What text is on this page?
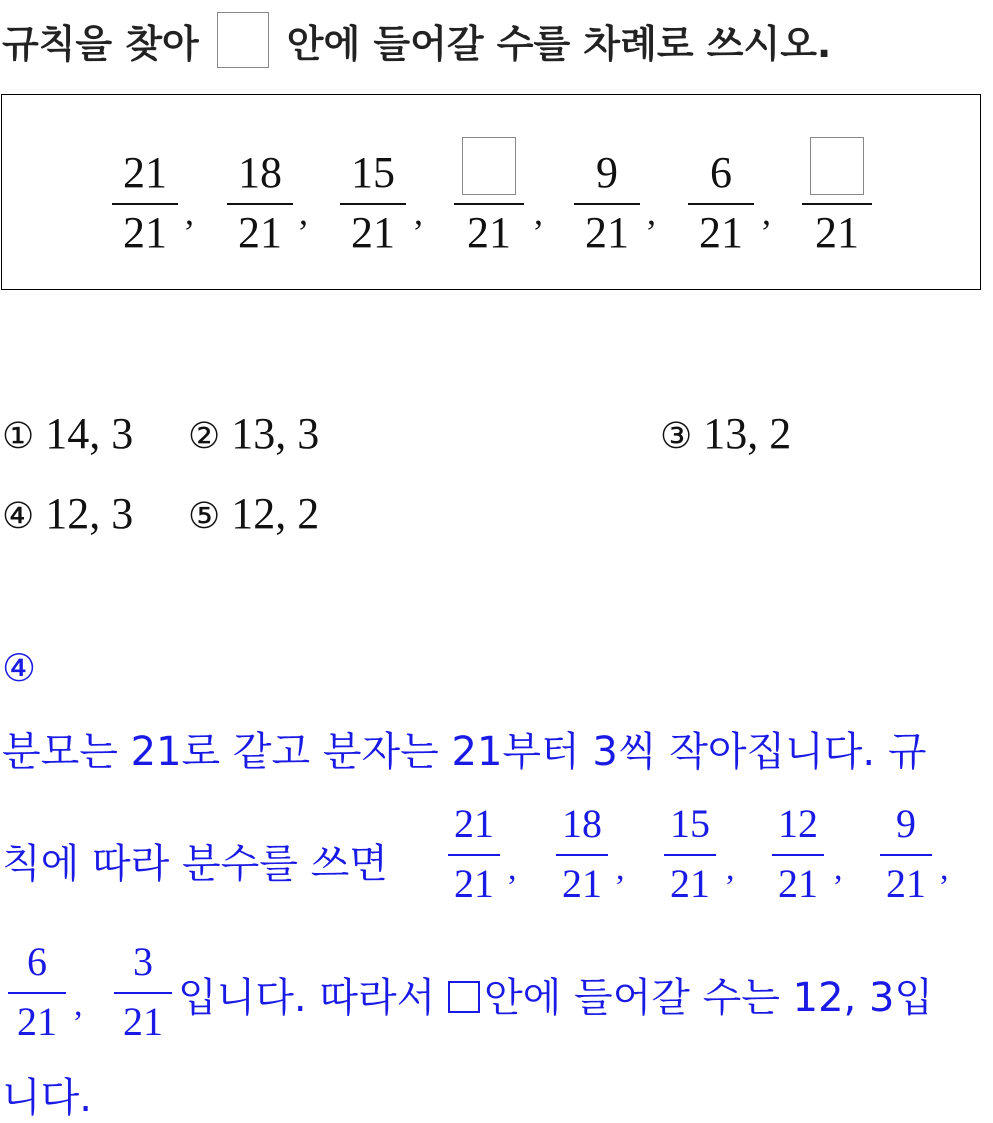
규칙을 찾아 안에 들어갈 수를 차례로 쓰시오.
21
21 ,
18
21 ,
15
21 , 21 ,
9
21 ,
6
21 , 21
① 14, 3 ② 13, 3	③ 13, 2
④ 12, 3 ⑤ 12, 2
④
분모는 21로 같고 분자는 21부터 3씩 작아집니다. 규
칙에 따라 분수를 쓰면
21
21 ,
18
21 ,
15
21 ,
12
21 ,
9
21 ,
6
21 ,
3
21
입니다. 따라서 안에 들어갈 수는 12, 3입
니다.
